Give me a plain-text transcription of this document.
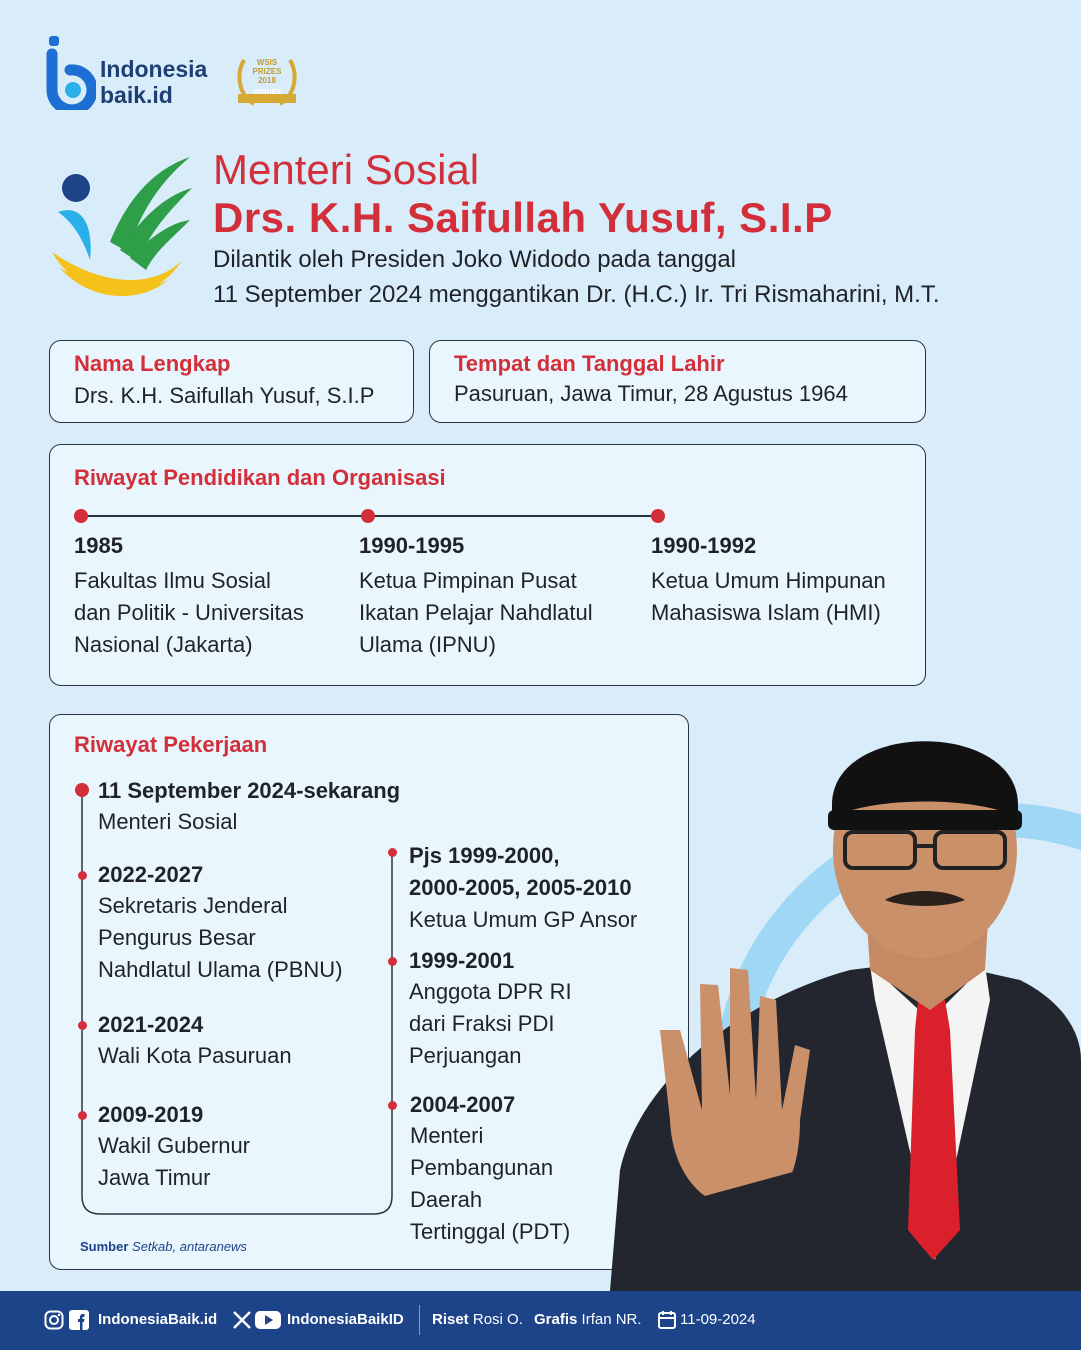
Indonesia
baik.id
WSIS
PRIZES
2018
WINNER
Menteri Sosial
Drs. K.H. Saifullah Yusuf, S.I.P
Dilantik oleh Presiden Joko Widodo pada tanggal
11 September 2024 menggantikan Dr. (H.C.) Ir. Tri Rismaharini, M.T.
Nama Lengkap
Drs. K.H. Saifullah Yusuf, S.I.P
Tempat dan Tanggal Lahir
Pasuruan, Jawa Timur, 28 Agustus 1964
Riwayat Pendidikan dan Organisasi
1985
Fakultas Ilmu Sosial
dan Politik - Universitas
Nasional (Jakarta)
1990-1995
Ketua Pimpinan Pusat
Ikatan Pelajar Nahdlatul
Ulama (IPNU)
1990-1992
Ketua Umum Himpunan
Mahasiswa Islam (HMI)
Riwayat Pekerjaan
11 September 2024-sekarang
Menteri Sosial
2022-2027
Sekretaris Jenderal
Pengurus Besar
Nahdlatul Ulama (PBNU)
2021-2024
Wali Kota Pasuruan
2009-2019
Wakil Gubernur
Jawa Timur
Pjs 1999-2000,
2000-2005, 2005-2010
Ketua Umum GP Ansor
1999-2001
Anggota DPR RI
dari Fraksi PDI
Perjuangan
2004-2007
Menteri
Pembangunan
Daerah
Tertinggal (PDT)
Sumber Setkab, antaranews
IndonesiaBaik.id	IndonesiaBaikID Riset Rosi O. Grafis Irfan NR.	11-09-2024
